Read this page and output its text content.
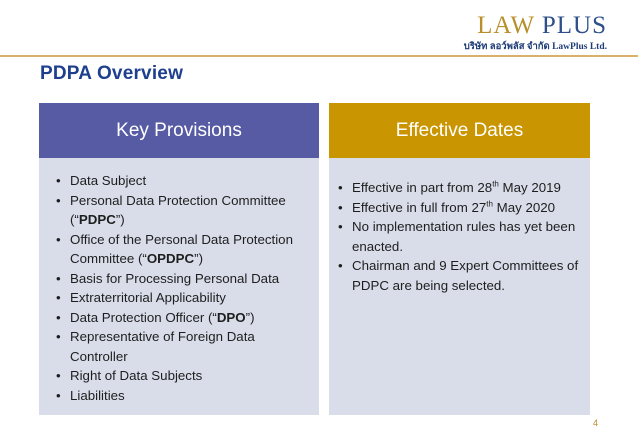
LAW PLUS
บริษัท ลอว์พลัส จำกัด LawPlus Ltd.
PDPA Overview
Key Provisions
• Data Subject
• Personal Data Protection Committee (“PDPC”)
• Office of the Personal Data Protection Committee (“OPDPC”)
• Basis for Processing Personal Data
• Extraterritorial Applicability
• Data Protection Officer (“DPO”)
• Representative of Foreign Data Controller
• Right of Data Subjects
• Liabilities
Effective Dates
• Effective in part from 28th May 2019
• Effective in full from 27th May 2020
• No implementation rules has yet been enacted.
• Chairman and 9 Expert Committees of PDPC are being selected.
4
